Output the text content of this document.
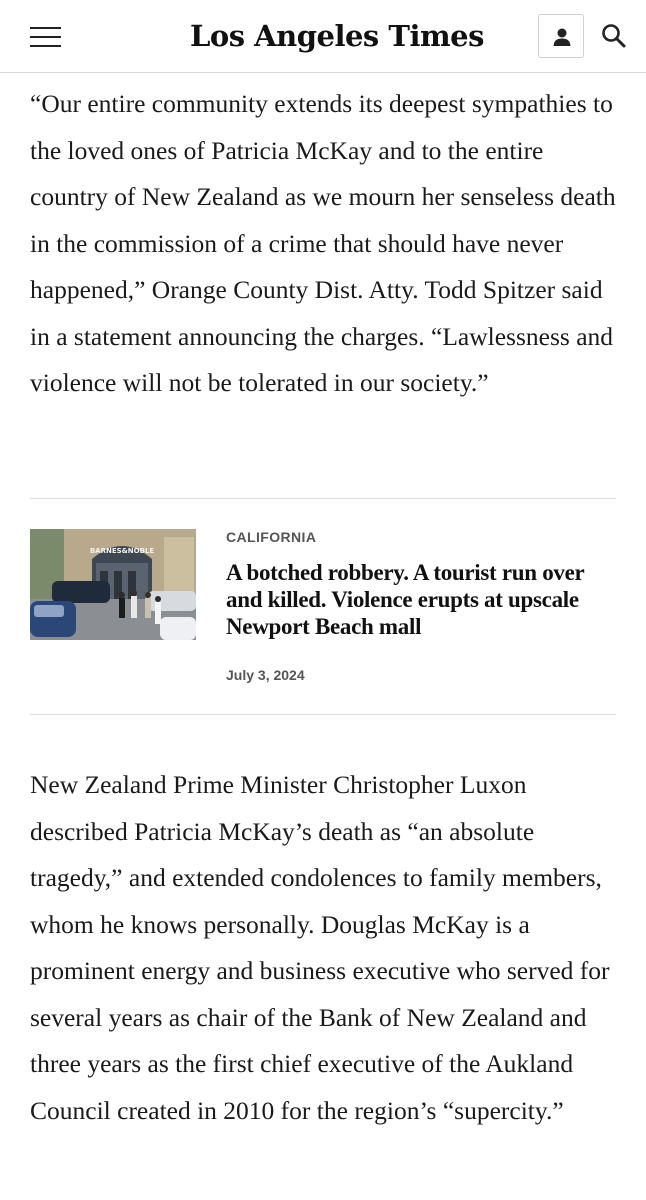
Los Angeles Times

“Our entire community extends its deepest sympathies to the loved ones of Patricia McKay and to the entire country of New Zealand as we mourn her senseless death in the commission of a crime that should have never happened,” Orange County Dist. Atty. Todd Spitzer said in a statement announcing the charges. “Lawlessness and violence will not be tolerated in our society.”

BARNES&NOBLE
CALIFORNIA
A botched robbery. A tourist run over and killed. Violence erupts at upscale Newport Beach mall
July 3, 2024

New Zealand Prime Minister Christopher Luxon described Patricia McKay’s death as “an absolute tragedy,” and extended condolences to family members, whom he knows personally. Douglas McKay is a prominent energy and business executive who served for several years as chair of the Bank of New Zealand and three years as the first chief executive of the Aukland Council created in 2010 for the region’s “supercity.”
